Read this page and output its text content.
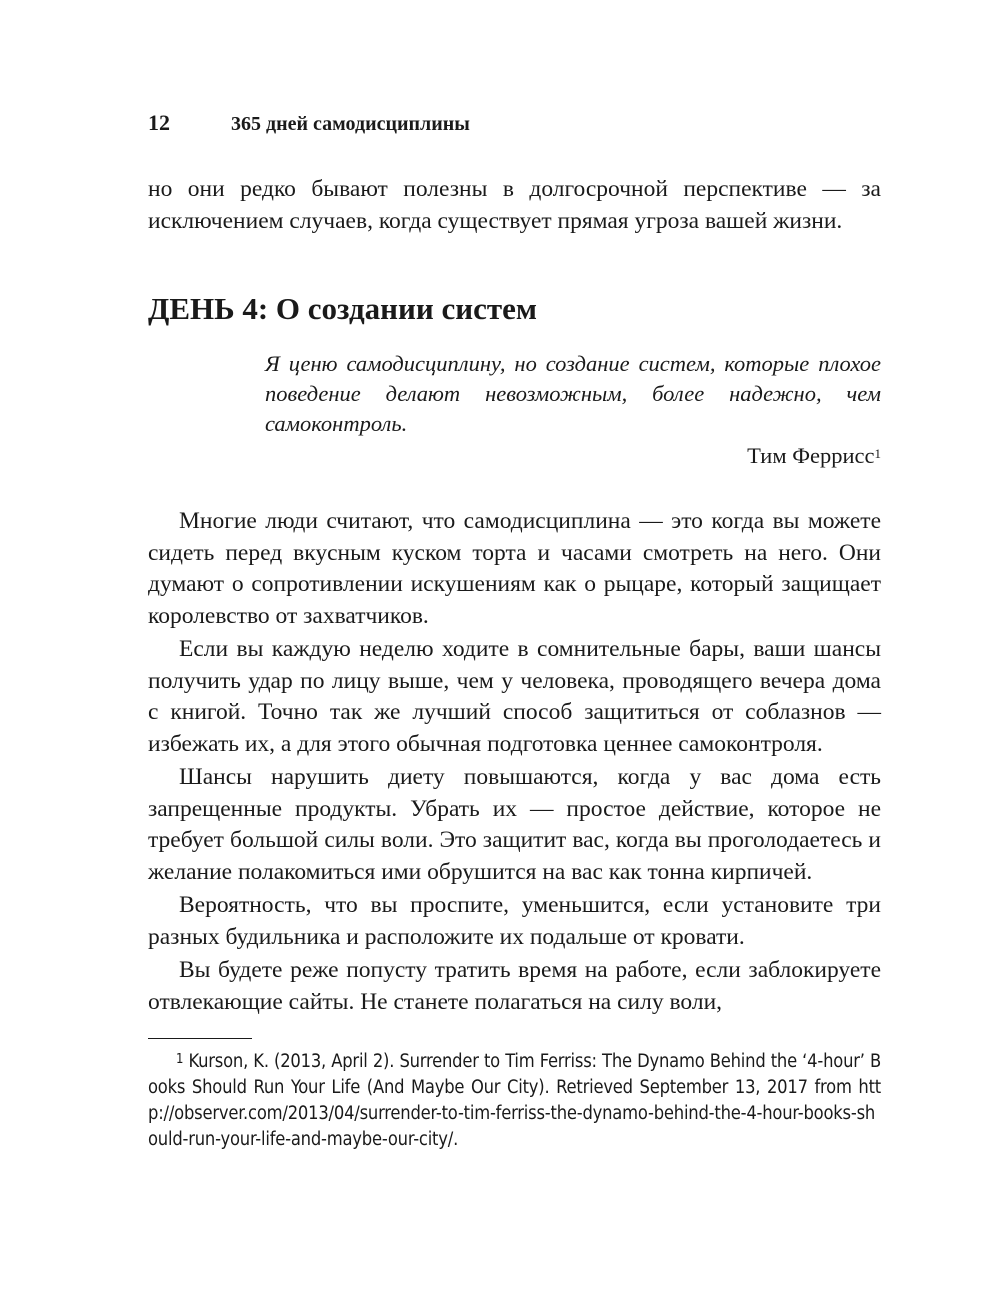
12	365 дней самодисциплины

но они редко бывают полезны в долгосрочной перспективе — за исключением случаев, когда существует прямая угроза вашей жизни.

ДЕНЬ 4: О создании систем
Я ценю самодисциплину, но создание систем, которые плохое поведение делают невозможным, более надежно, чем самоконтроль.
Тим Феррисс$^1$

Многие люди считают, что самодисциплина — это когда вы можете сидеть перед вкусным куском торта и часами смотреть на него. Они думают о сопротивлении искушениям как о рыцаре, который защищает королевство от захватчиков.

Если вы каждую неделю ходите в сомнительные бары, ваши шансы получить удар по лицу выше, чем у человека, проводящего вечера дома с книгой. Точно так же лучший способ защититься от соблазнов — избежать их, а для этого обычная подготовка ценнее самоконтроля.

Шансы нарушить диету повышаются, когда у вас дома есть запрещенные продукты. Убрать их — простое действие, которое не требует большой силы воли. Это защитит вас, когда вы проголодаетесь и желание полакомиться ими обрушится на вас как тонна кирпичей.

Вероятность, что вы проспите, уменьшится, если установите три разных будильника и расположите их подальше от кровати.

Вы будете реже попусту тратить время на работе, если заблокируете отвлекающие сайты. Не станете полагаться на силу воли,

$^1$ Kurson, K. (2013, April 2). Surrender to Tim Ferriss: The Dynamo Behind the ‘4-hour’ Books Should Run Your Life (And Maybe Our City). Retrieved September 13, 2017 from http://observer.com/2013/04/surrender-to-tim-ferriss-the-dynamo-behind-the-4-hour-books-should-run-your-life-and-maybe-our-city/.
